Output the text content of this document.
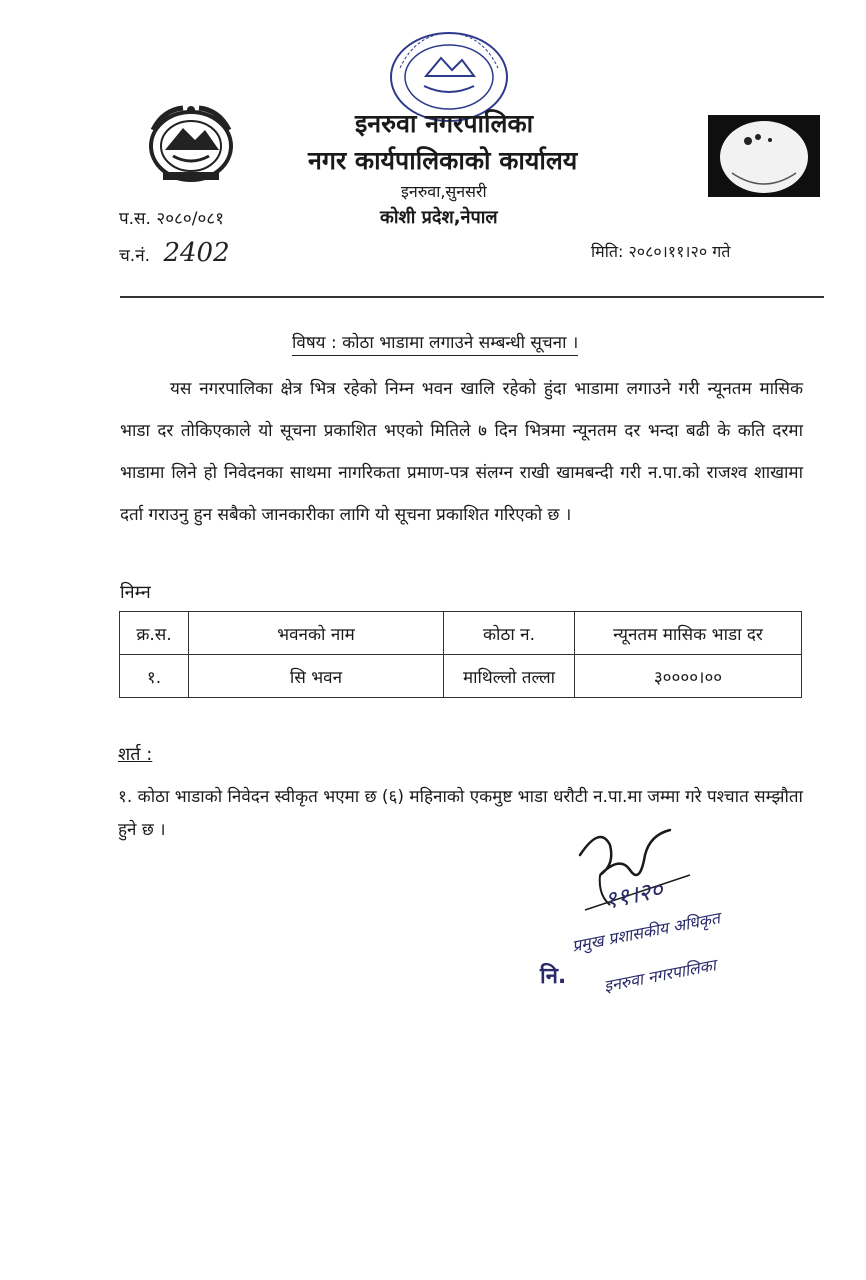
इनरुवा नगरपालिका
नगर कार्यपालिकाको कार्यालय
इनरुवा,सुनसरी
कोशी प्रदेश,नेपाल
प.स. २०८०/०८१
च.नं. 2402	मिति: २०८०।११।२० गते
विषय : कोठा भाडामा लगाउने सम्बन्धी सूचना ।
यस नगरपालिका क्षेत्र भित्र रहेको निम्न भवन खालि रहेको हुंदा भाडामा लगाउने गरी न्यूनतम मासिक भाडा दर तोकिएकाले यो सूचना प्रकाशित भएको मितिले ७ दिन भित्रमा न्यूनतम दर भन्दा बढी के कति दरमा भाडामा लिने हो निवेदनका साथमा नागरिकता प्रमाण-पत्र संलग्न राखी खामबन्दी गरी न.पा.को राजश्व शाखामा दर्ता गराउनु हुन सबैको जानकारीका लागि यो सूचना प्रकाशित गरिएको छ ।
निम्न
क्र.स.	भवनको नाम	कोठा न.	न्यूनतम मासिक भाडा दर
१.	सि भवन	माथिल्लो तल्ला	३००००।००
शर्त :
१. कोठा भाडाको निवेदन स्वीकृत भएमा छ (६) महिनाको एकमुष्ट भाडा धरौटी न.पा.मा जम्मा गरे पश्चात सम्झौता हुने छ ।
११।२०
नि.
प्रमुख प्रशासकीय अधिकृत
इनरुवा नगरपालिका
